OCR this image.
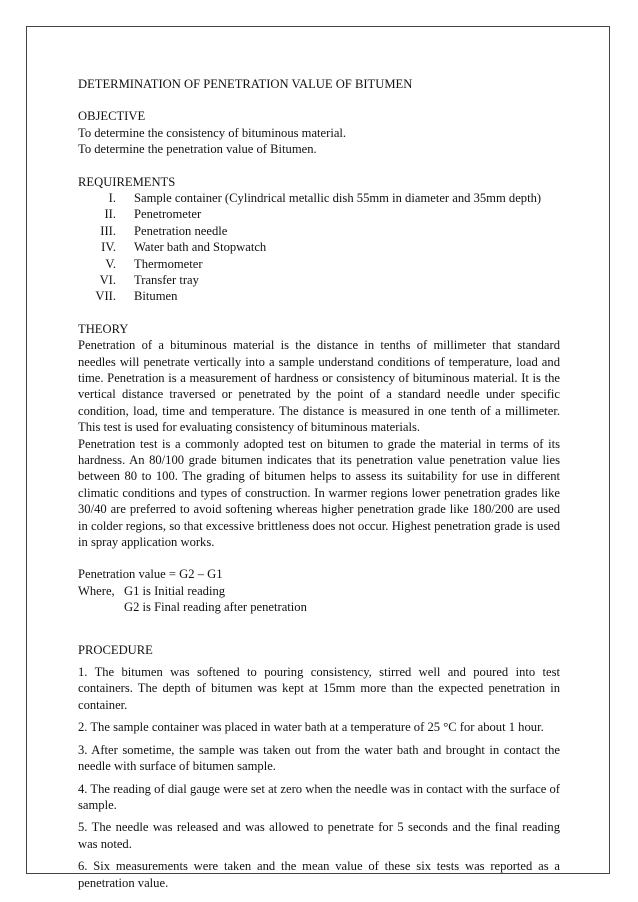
DETERMINATION OF PENETRATION VALUE OF BITUMEN

OBJECTIVE

To determine the consistency of bituminous material.

To determine the penetration value of Bitumen.

REQUIREMENTS

I. Sample container (Cylindrical metallic dish 55mm in diameter and 35mm depth)
II. Penetrometer
III. Penetration needle
IV. Water bath and Stopwatch
V. Thermometer
VI. Transfer tray
VII. Bitumen

THEORY

Penetration of a bituminous material is the distance in tenths of millimeter that standard needles will penetrate vertically into a sample understand conditions of temperature, load and time. Penetration is a measurement of hardness or consistency of bituminous material. It is the vertical distance traversed or penetrated by the point of a standard needle under specific condition, load, time and temperature. The distance is measured in one tenth of a millimeter. This test is used for evaluating consistency of bituminous materials.

Penetration test is a commonly adopted test on bitumen to grade the material in terms of its hardness. An 80/100 grade bitumen indicates that its penetration value penetration value lies between 80 to 100. The grading of bitumen helps to assess its suitability for use in different climatic conditions and types of construction. In warmer regions lower penetration grades like 30/40 are preferred to avoid softening whereas higher penetration grade like 180/200 are used in colder regions, so that excessive brittleness does not occur. Highest penetration grade is used in spray application works.

Penetration value = G2 – G1

Where, G1 is Initial reading

G2 is Final reading after penetration

PROCEDURE

1. The bitumen was softened to pouring consistency, stirred well and poured into test containers. The depth of bitumen was kept at 15mm more than the expected penetration in container.

2. The sample container was placed in water bath at a temperature of 25 °C for about 1 hour.

3. After sometime, the sample was taken out from the water bath and brought in contact the needle with surface of bitumen sample.

4. The reading of dial gauge were set at zero when the needle was in contact with the surface of sample.

5. The needle was released and was allowed to penetrate for 5 seconds and the final reading was noted.

6. Six measurements were taken and the mean value of these six tests was reported as a penetration value.
